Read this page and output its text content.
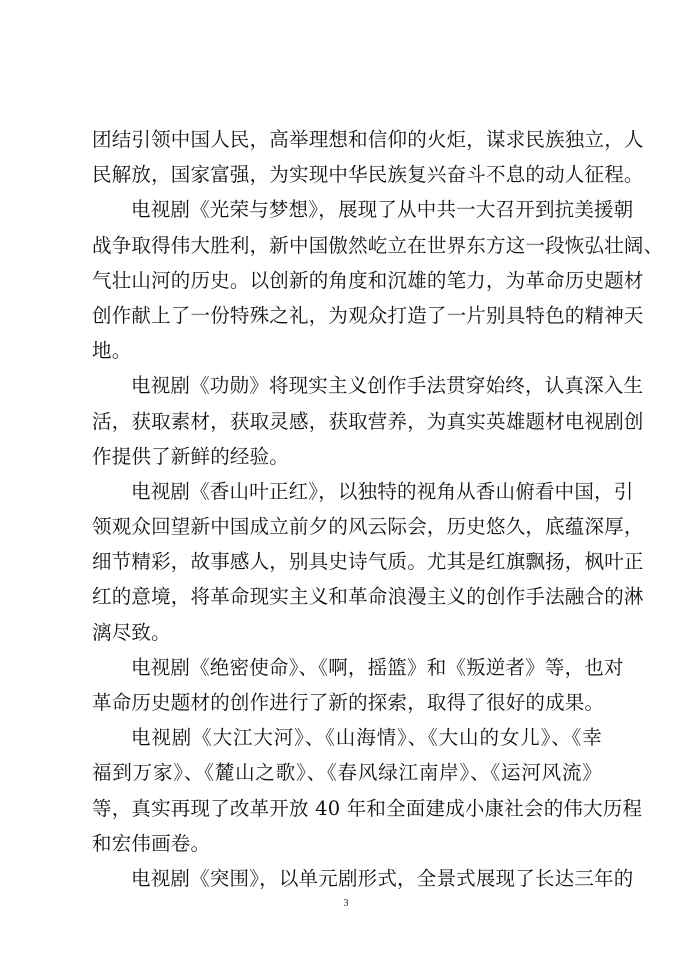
团结引领中国人民，高举理想和信仰的火炬，谋求民族独立，人
民解放，国家富强，为实现中华民族复兴奋斗不息的动人征程。
电视剧《光荣与梦想》，展现了从中共一大召开到抗美援朝
战争取得伟大胜利，新中国傲然屹立在世界东方这一段恢弘壮阔、
气壮山河的历史。以创新的角度和沉雄的笔力，为革命历史题材
创作献上了一份特殊之礼，为观众打造了一片别具特色的精神天
地。
电视剧《功勋》将现实主义创作手法贯穿始终，认真深入生
活，获取素材，获取灵感，获取营养，为真实英雄题材电视剧创
作提供了新鲜的经验。
电视剧《香山叶正红》，以独特的视角从香山俯看中国，引
领观众回望新中国成立前夕的风云际会，历史悠久，底蕴深厚，
细节精彩，故事感人，别具史诗气质。尤其是红旗飘扬，枫叶正
红的意境，将革命现实主义和革命浪漫主义的创作手法融合的淋
漓尽致。
电视剧《绝密使命》、《啊，摇篮》和《叛逆者》等，也对
革命历史题材的创作进行了新的探索，取得了很好的成果。
电视剧《大江大河》、《山海情》、《大山的女儿》、《幸
福到万家》、《麓山之歌》、《春风绿江南岸》、《运河风流》
等，真实再现了改革开放 40 年和全面建成小康社会的伟大历程
和宏伟画卷。
电视剧《突围》，以单元剧形式，全景式展现了长达三年的
3
